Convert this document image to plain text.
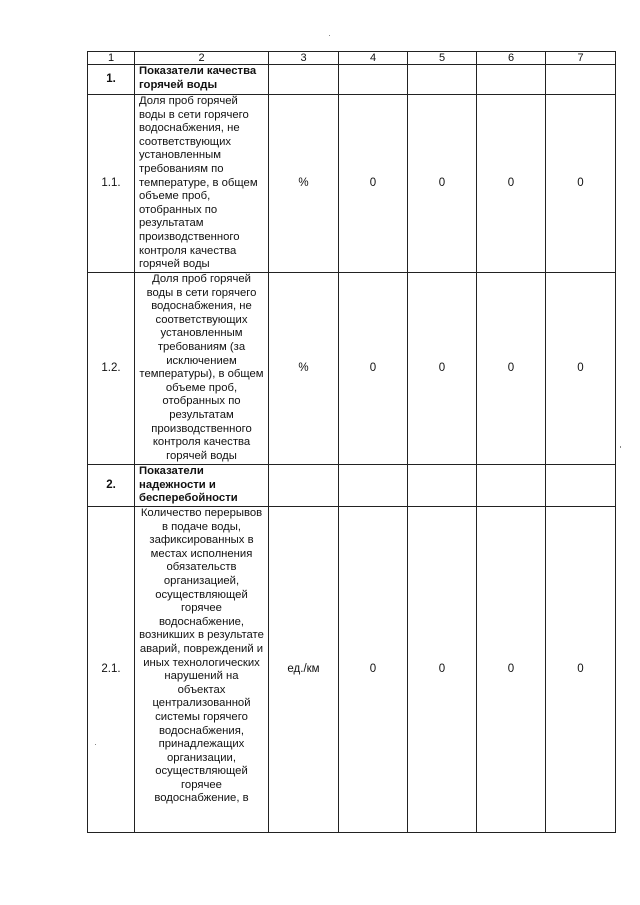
1	2	3	4	5	6	7
1.	Показатели качества горячей воды					
1.1.	Доля проб горячей воды в сети горячего водоснабжения, не соответствующих установленным требованиям по температуре, в общем объеме проб, отобранных по результатам производственного контроля качества горячей воды	%	0	0	0	0
1.2.	Доля проб горячей воды в сети горячего водоснабжения, не соответствующих установленным требованиям (за исключением температуры), в общем объеме проб, отобранных по результатам производственного контроля качества горячей воды	%	0	0	0	0
2.	Показатели надежности и бесперебойности					
2.1.	Количество перерывов в подаче воды, зафиксированных в местах исполнения обязательств организацией, осуществляющей горячее водоснабжение, возникших в результате аварий, повреждений и иных технологических нарушений на объектах централизованной системы горячего водоснабжения, принадлежащих организации, осуществляющей горячее водоснабжение, в	ед./км	0	0	0	0
